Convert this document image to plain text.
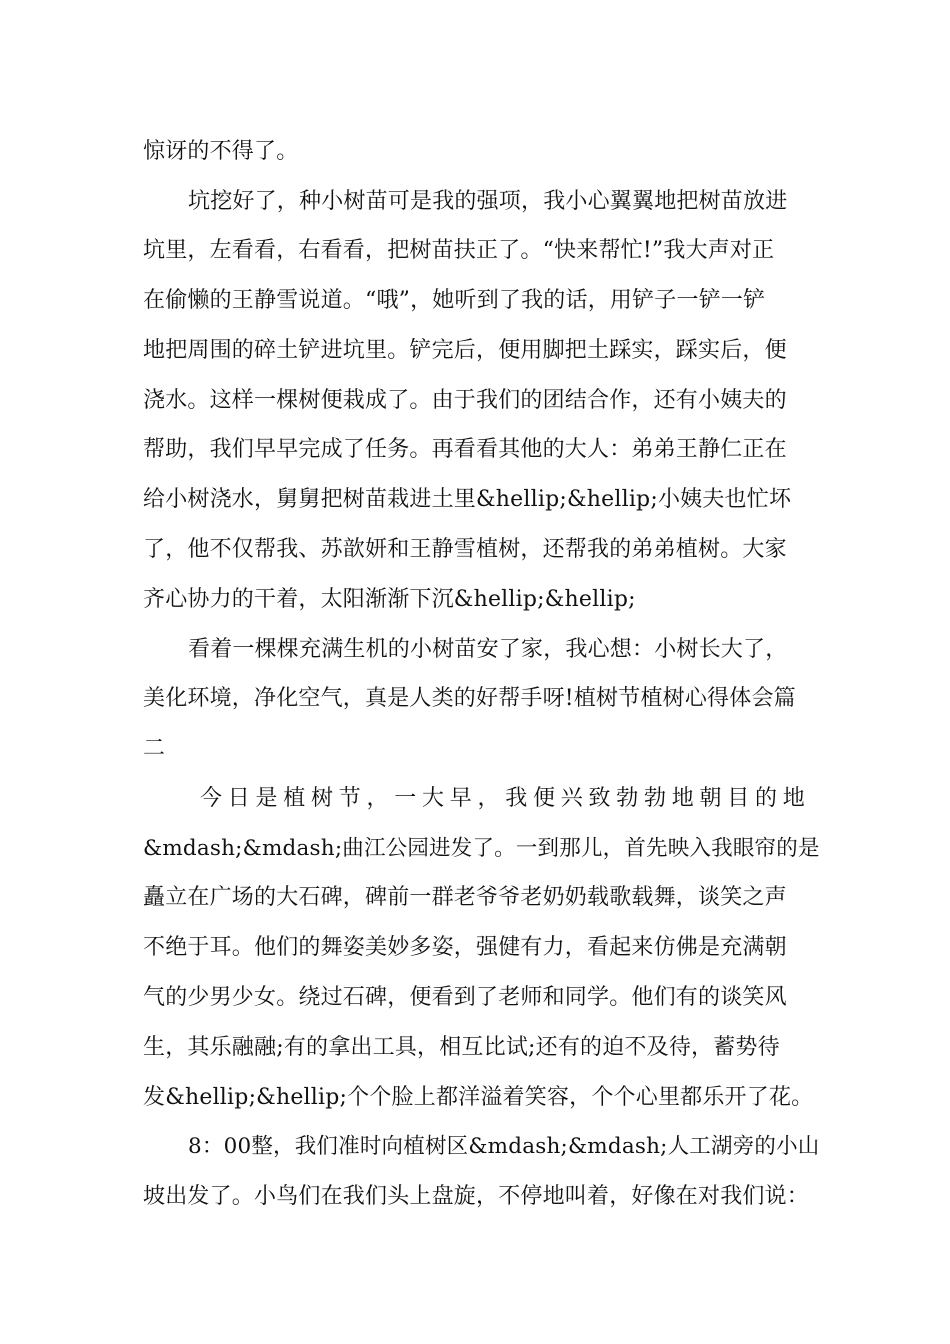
惊讶的不得了。
坑挖好了，种小树苗可是我的强项，我小心翼翼地把树苗放进
坑里，左看看，右看看，把树苗扶正了。“快来帮忙!”我大声对正
在偷懒的王静雪说道。“哦”，她听到了我的话，用铲子一铲一铲
地把周围的碎土铲进坑里。铲完后，便用脚把土踩实，踩实后，便
浇水。这样一棵树便栽成了。由于我们的团结合作，还有小姨夫的
帮助，我们早早完成了任务。再看看其他的大人：弟弟王静仁正在
给小树浇水，舅舅把树苗栽进土里&hellip;&hellip;小姨夫也忙坏
了，他不仅帮我、苏歆妍和王静雪植树，还帮我的弟弟植树。大家
齐心协力的干着，太阳渐渐下沉&hellip;&hellip;
看着一棵棵充满生机的小树苗安了家，我心想：小树长大了，
美化环境，净化空气，真是人类的好帮手呀!植树节植树心得体会篇
二
今日是植树节，一大早，我便兴致勃勃地朝目的地
&mdash;&mdash;曲江公园进发了。一到那儿，首先映入我眼帘的是
矗立在广场的大石碑，碑前一群老爷爷老奶奶载歌载舞，谈笑之声
不绝于耳。他们的舞姿美妙多姿，强健有力，看起来仿佛是充满朝
气的少男少女。绕过石碑，便看到了老师和同学。他们有的谈笑风
生，其乐融融;有的拿出工具，相互比试;还有的迫不及待，蓄势待
发&hellip;&hellip;个个脸上都洋溢着笑容，个个心里都乐开了花。
8：00整，我们准时向植树区&mdash;&mdash;人工湖旁的小山
坡出发了。小鸟们在我们头上盘旋，不停地叫着，好像在对我们说：
